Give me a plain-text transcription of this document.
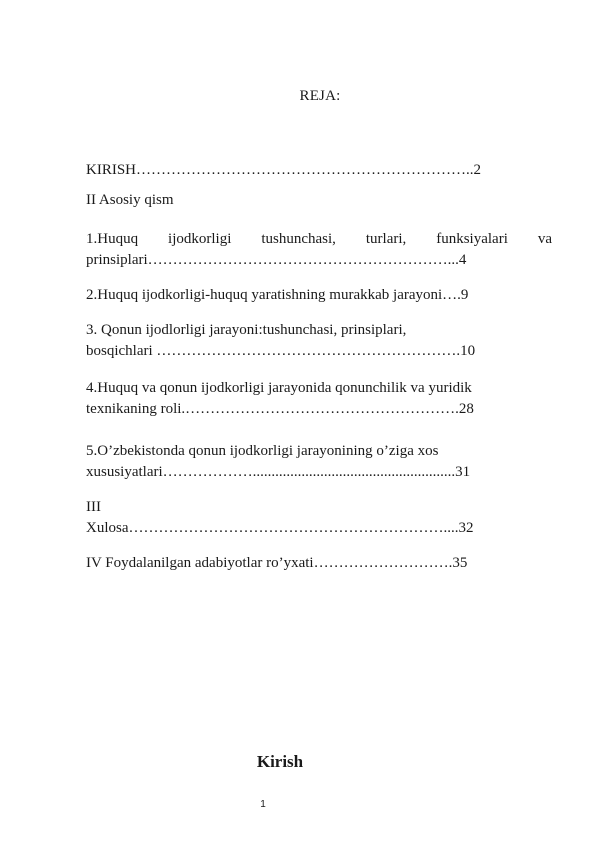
REJA:
KIRISH…………………………………………………………..2
II Asosiy qism
1.Huquq ijodkorligi tushunchasi, turlari, funksiyalari va
prinsiplari……………………………………………………...4
2.Huquq ijodkorligi-huquq yaratishning murakkab jarayoni….9
3. Qonun ijodlorligi jarayoni:tushunchasi, prinsiplari,
bosqichlari …………………………………………………….10
4.Huquq va qonun ijodkorligi jarayonida qonunchilik va yuridik
texnikaning roli.……………………………………………….28
5.O’zbekistonda qonun ijodkorligi jarayonining o’ziga xos
xususiyatlari………………......................................................31
III
Xulosa………………………………………………………....32
IV Foydalanilgan adabiyotlar ro’yxati……………………….35
Kirish
1
